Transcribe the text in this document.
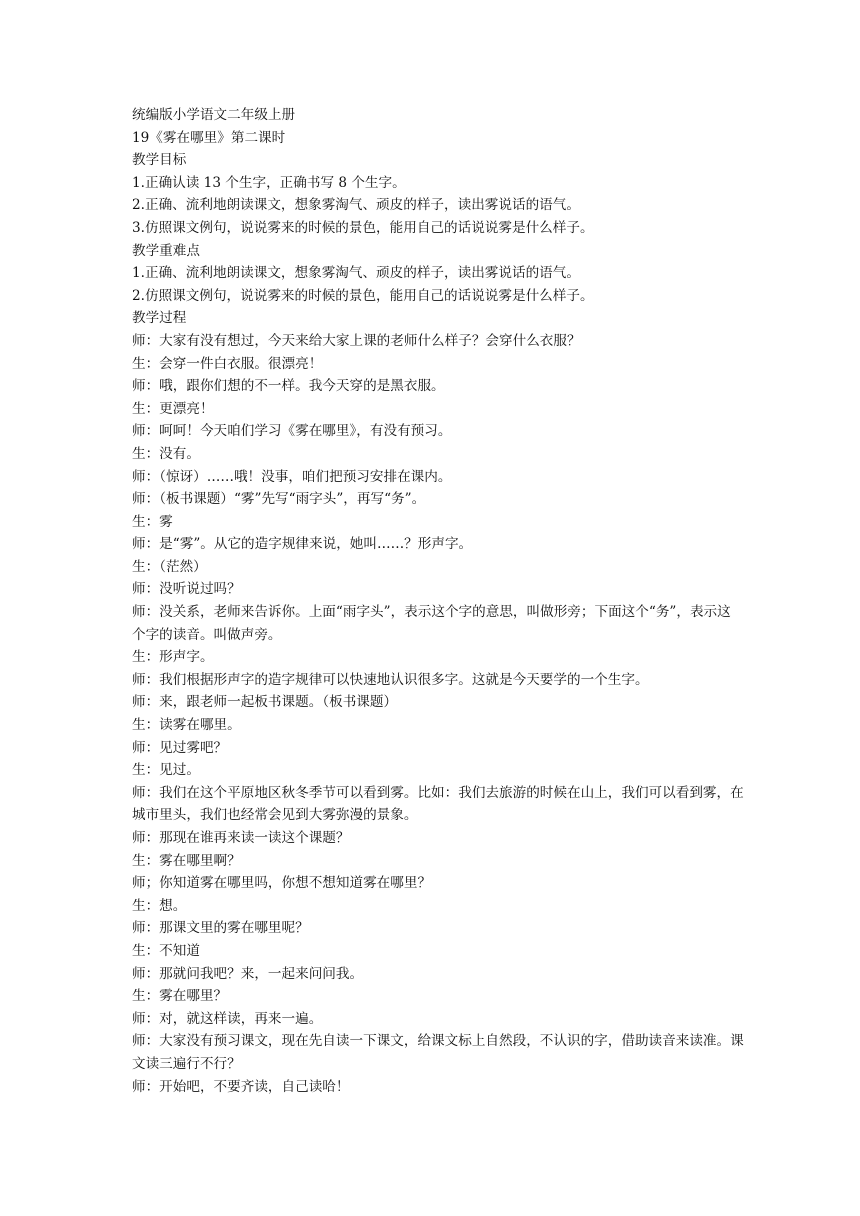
统编版小学语文二年级上册
19《雾在哪里》第二课时
教学目标
1.正确认读 13 个生字，正确书写 8 个生字。
2.正确、流利地朗读课文，想象雾淘气、顽皮的样子，读出雾说话的语气。
3.仿照课文例句，说说雾来的时候的景色，能用自己的话说说雾是什么样子。
教学重难点
1.正确、流利地朗读课文，想象雾淘气、顽皮的样子，读出雾说话的语气。
2.仿照课文例句，说说雾来的时候的景色，能用自己的话说说雾是什么样子。
教学过程
师：大家有没有想过，今天来给大家上课的老师什么样子？会穿什么衣服？
生：会穿一件白衣服。很漂亮！
师：哦，跟你们想的不一样。我今天穿的是黑衣服。
生：更漂亮！
师：呵呵！今天咱们学习《雾在哪里》，有没有预习。
生：没有。
师：（惊讶）……哦！没事，咱们把预习安排在课内。
师：（板书课题）“雾”先写“雨字头”，再写“务”。
生：雾
师：是“雾”。从它的造字规律来说，她叫……？形声字。
生：（茫然）
师：没听说过吗？
师：没关系，老师来告诉你。上面“雨字头”，表示这个字的意思，叫做形旁；下面这个“务”，表示这个字的读音。叫做声旁。
生：形声字。
师：我们根据形声字的造字规律可以快速地认识很多字。这就是今天要学的一个生字。
师：来，跟老师一起板书课题。（板书课题）
生：读雾在哪里。
师：见过雾吧？
生：见过。
师：我们在这个平原地区秋冬季节可以看到雾。比如：我们去旅游的时候在山上，我们可以看到雾，在城市里头，我们也经常会见到大雾弥漫的景象。
师：那现在谁再来读一读这个课题？
生：雾在哪里啊？
师；你知道雾在哪里吗，你想不想知道雾在哪里？
生：想。
师：那课文里的雾在哪里呢？
生：不知道
师：那就问我吧？来，一起来问问我。
生：雾在哪里？
师：对，就这样读，再来一遍。
师：大家没有预习课文，现在先自读一下课文，给课文标上自然段，不认识的字，借助读音来读准。课文读三遍行不行？
师：开始吧，不要齐读，自己读哈！
